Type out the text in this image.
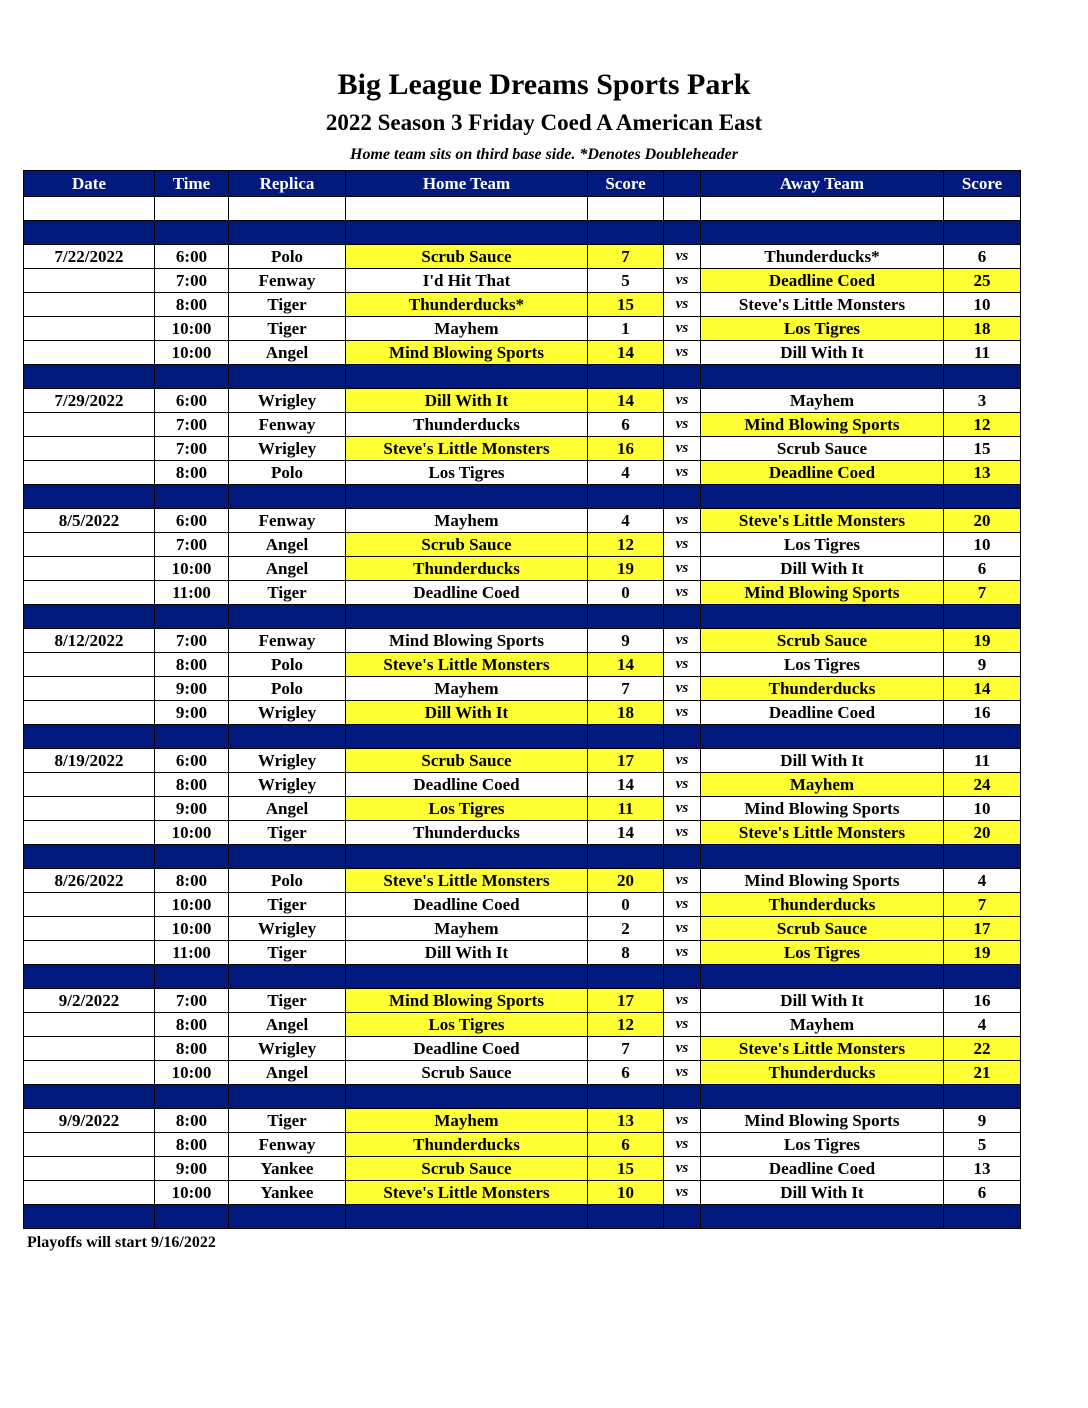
Big League Dreams Sports Park
2022 Season 3 Friday Coed A American East

Home team sits on third base side. *Denotes Doubleheader

Date	Time	Replica	Home Team	Score		Away Team	Score

7/22/2022	6:00	Polo	Scrub Sauce	7	vs	Thunderducks*	6
	7:00	Fenway	I'd Hit That	5	vs	Deadline Coed	25
	8:00	Tiger	Thunderducks*	15	vs	Steve's Little Monsters	10
	10:00	Tiger	Mayhem	1	vs	Los Tigres	18
	10:00	Angel	Mind Blowing Sports	14	vs	Dill With It	11

7/29/2022	6:00	Wrigley	Dill With It	14	vs	Mayhem	3
	7:00	Fenway	Thunderducks	6	vs	Mind Blowing Sports	12
	7:00	Wrigley	Steve's Little Monsters	16	vs	Scrub Sauce	15
	8:00	Polo	Los Tigres	4	vs	Deadline Coed	13

8/5/2022	6:00	Fenway	Mayhem	4	vs	Steve's Little Monsters	20
	7:00	Angel	Scrub Sauce	12	vs	Los Tigres	10
	10:00	Angel	Thunderducks	19	vs	Dill With It	6
	11:00	Tiger	Deadline Coed	0	vs	Mind Blowing Sports	7

8/12/2022	7:00	Fenway	Mind Blowing Sports	9	vs	Scrub Sauce	19
	8:00	Polo	Steve's Little Monsters	14	vs	Los Tigres	9
	9:00	Polo	Mayhem	7	vs	Thunderducks	14
	9:00	Wrigley	Dill With It	18	vs	Deadline Coed	16

8/19/2022	6:00	Wrigley	Scrub Sauce	17	vs	Dill With It	11
	8:00	Wrigley	Deadline Coed	14	vs	Mayhem	24
	9:00	Angel	Los Tigres	11	vs	Mind Blowing Sports	10
	10:00	Tiger	Thunderducks	14	vs	Steve's Little Monsters	20

8/26/2022	8:00	Polo	Steve's Little Monsters	20	vs	Mind Blowing Sports	4
	10:00	Tiger	Deadline Coed	0	vs	Thunderducks	7
	10:00	Wrigley	Mayhem	2	vs	Scrub Sauce	17
	11:00	Tiger	Dill With It	8	vs	Los Tigres	19

9/2/2022	7:00	Tiger	Mind Blowing Sports	17	vs	Dill With It	16
	8:00	Angel	Los Tigres	12	vs	Mayhem	4
	8:00	Wrigley	Deadline Coed	7	vs	Steve's Little Monsters	22
	10:00	Angel	Scrub Sauce	6	vs	Thunderducks	21

9/9/2022	8:00	Tiger	Mayhem	13	vs	Mind Blowing Sports	9
	8:00	Fenway	Thunderducks	6	vs	Los Tigres	5
	9:00	Yankee	Scrub Sauce	15	vs	Deadline Coed	13
	10:00	Yankee	Steve's Little Monsters	10	vs	Dill With It	6

Playoffs will start 9/16/2022
